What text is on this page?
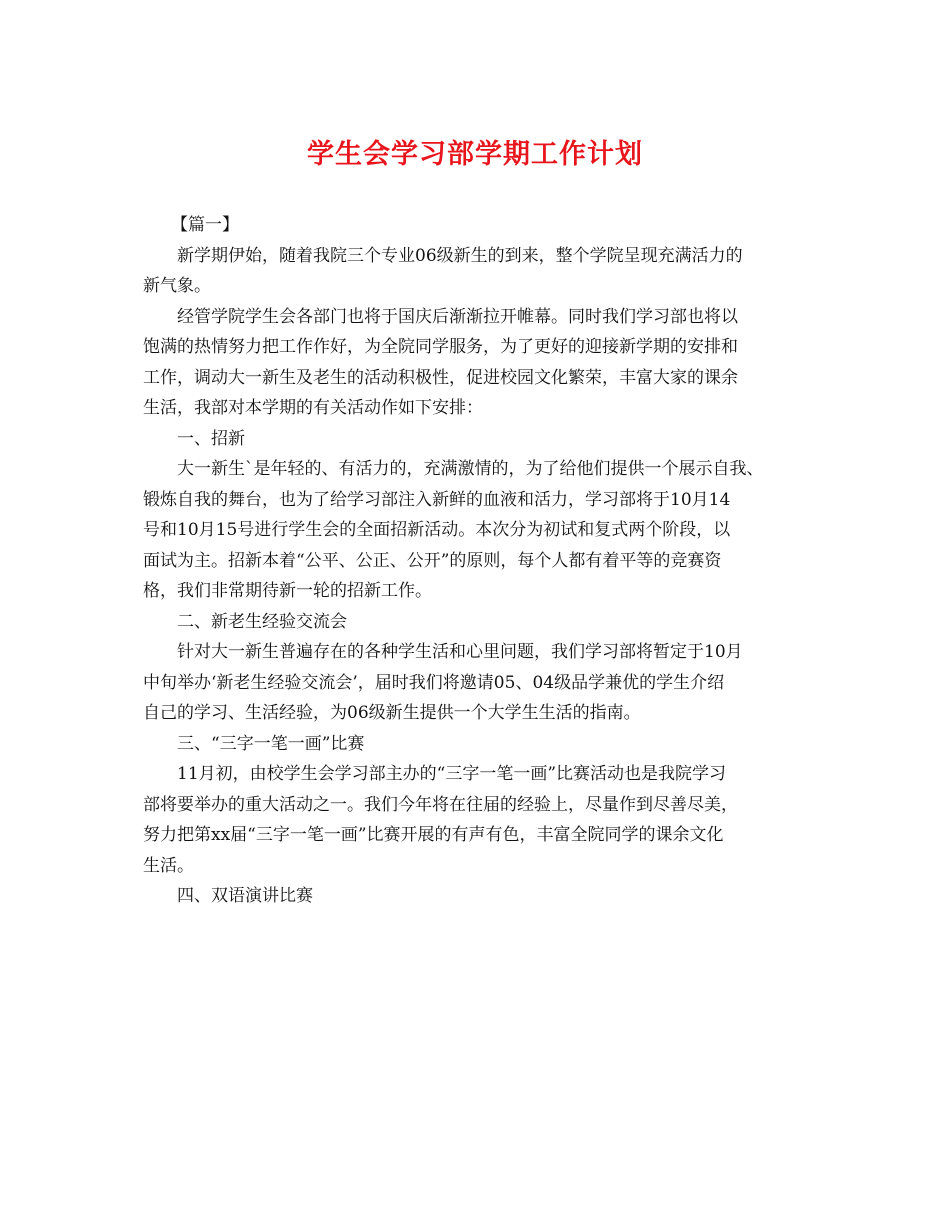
学生会学习部学期工作计划
【篇一】
新学期伊始，随着我院三个专业06级新生的到来，整个学院呈现充满活力的
新气象。
经管学院学生会各部门也将于国庆后渐渐拉开帷幕。同时我们学习部也将以
饱满的热情努力把工作作好，为全院同学服务，为了更好的迎接新学期的安排和
工作，调动大一新生及老生的活动积极性，促进校园文化繁荣，丰富大家的课余
生活，我部对本学期的有关活动作如下安排：
一、招新
大一新生`是年轻的、有活力的，充满激情的，为了给他们提供一个展示自我、
锻炼自我的舞台，也为了给学习部注入新鲜的血液和活力，学习部将于10月14
号和10月15号进行学生会的全面招新活动。本次分为初试和复式两个阶段，以
面试为主。招新本着“公平、公正、公开”的原则，每个人都有着平等的竞赛资
格，我们非常期待新一轮的招新工作。
二、新老生经验交流会
针对大一新生普遍存在的各种学生活和心里问题，我们学习部将暂定于10月
中旬举办‘新老生经验交流会’，届时我们将邀请05、04级品学兼优的学生介绍
自己的学习、生活经验，为06级新生提供一个大学生生活的指南。
三、“三字一笔一画”比赛
11月初，由校学生会学习部主办的“三字一笔一画”比赛活动也是我院学习
部将要举办的重大活动之一。我们今年将在往届的经验上，尽量作到尽善尽美，
努力把第xx届“三字一笔一画”比赛开展的有声有色，丰富全院同学的课余文化
生活。
四、双语演讲比赛
